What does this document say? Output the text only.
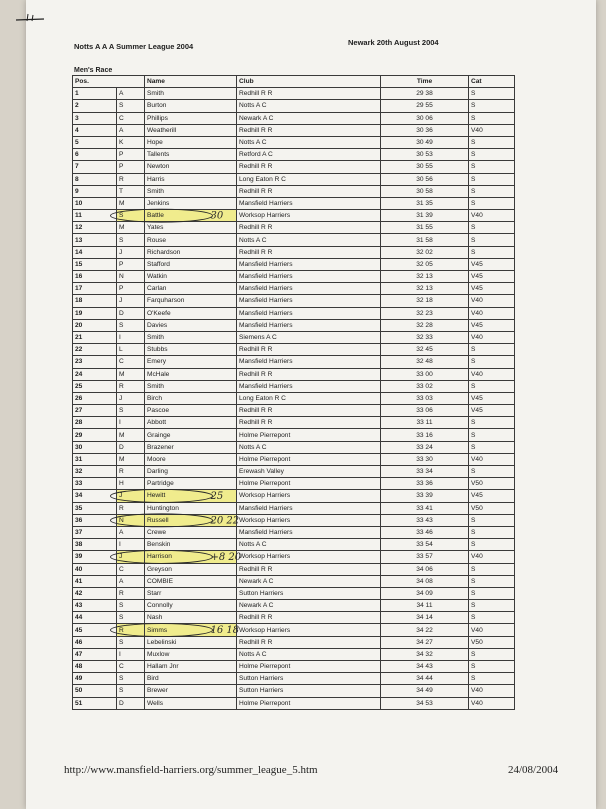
Notts A A A Summer League 2004	Newark 20th August 2004
Men's Race
Pos.		Name	Club	Time	Cat
1	A	Smith	Redhill R R	29 38	S
2	S	Burton	Notts A C	29 55	S
3	C	Phillips	Newark A C	30 06	S
4	A	Weatherill	Redhill R R	30 36	V40
5	K	Hope	Notts A C	30 49	S
6	P	Tallents	Retford A C	30 53	S
7	P	Newton	Redhill R R	30 55	S
8	R	Harris	Long Eaton R C	30 56	S
9	T	Smith	Redhill R R	30 58	S
10	M	Jenkins	Mansfield Harriers	31 35	S
11	S	Battle	Worksop Harriers	31 39	V40
12	M	Yates	Redhill R R	31 55	S
13	S	Rouse	Notts A C	31 58	S
14	J	Richardson	Redhill R R	32 02	S
15	P	Stafford	Mansfield Harriers	32 05	V45
16	N	Watkin	Mansfield Harriers	32 13	V45
17	P	Carlan	Mansfield Harriers	32 13	V45
18	J	Farquharson	Mansfield Harriers	32 18	V40
19	D	O'Keefe	Mansfield Harriers	32 23	V40
20	S	Davies	Mansfield Harriers	32 28	V45
21	I	Smith	Siemens A C	32 33	V40
22	L	Stubbs	Redhill R R	32 45	S
23	C	Emery	Mansfield Harriers	32 48	S
24	M	McHale	Redhill R R	33 00	V40
25	R	Smith	Mansfield Harriers	33 02	S
26	J	Birch	Long Eaton R C	33 03	V45
27	S	Pascoe	Redhill R R	33 06	V45
28	I	Abbott	Redhill R R	33 11	S
29	M	Grainge	Holme Pierrepont	33 16	S
30	D	Brazener	Notts A C	33 24	S
31	M	Moore	Holme Pierrepont	33 30	V40
32	R	Darling	Erewash Valley	33 34	S
33	H	Partridge	Holme Pierrepont	33 36	V50
34	J	Hewitt	Worksop Harriers	33 39	V45
35	R	Huntington	Mansfield Harriers	33 41	V50
36	N	Russell	Worksop Harriers	33 43	S
37	A	Crewe	Mansfield Harriers	33 46	S
38	I	Benskin	Notts A C	33 54	S
39	J	Harrison	Worksop Harriers	33 57	V40
40	C	Greyson	Redhill R R	34 06	S
41	A	COMBIE	Newark A C	34 08	S
42	R	Starr	Sutton Harriers	34 09	S
43	S	Connolly	Newark A C	34 11	S
44	S	Nash	Redhill R R	34 14	S
45	R	Simms	Worksop Harriers	34 22	V40
46	S	Lebelinski	Redhill R R	34 27	V50
47	I	Muxlow	Notts A C	34 32	S
48	C	Hallam Jnr	Holme Pierrepont	34 43	S
49	S	Bird	Sutton Harriers	34 44	S
50	S	Brewer	Sutton Harriers	34 49	V40
51	D	Wells	Holme Pierrepont	34 53	V40
30
25
20 22
+8 20
16 18
http://www.mansfield-harriers.org/summer_league_5.htm	24/08/2004
